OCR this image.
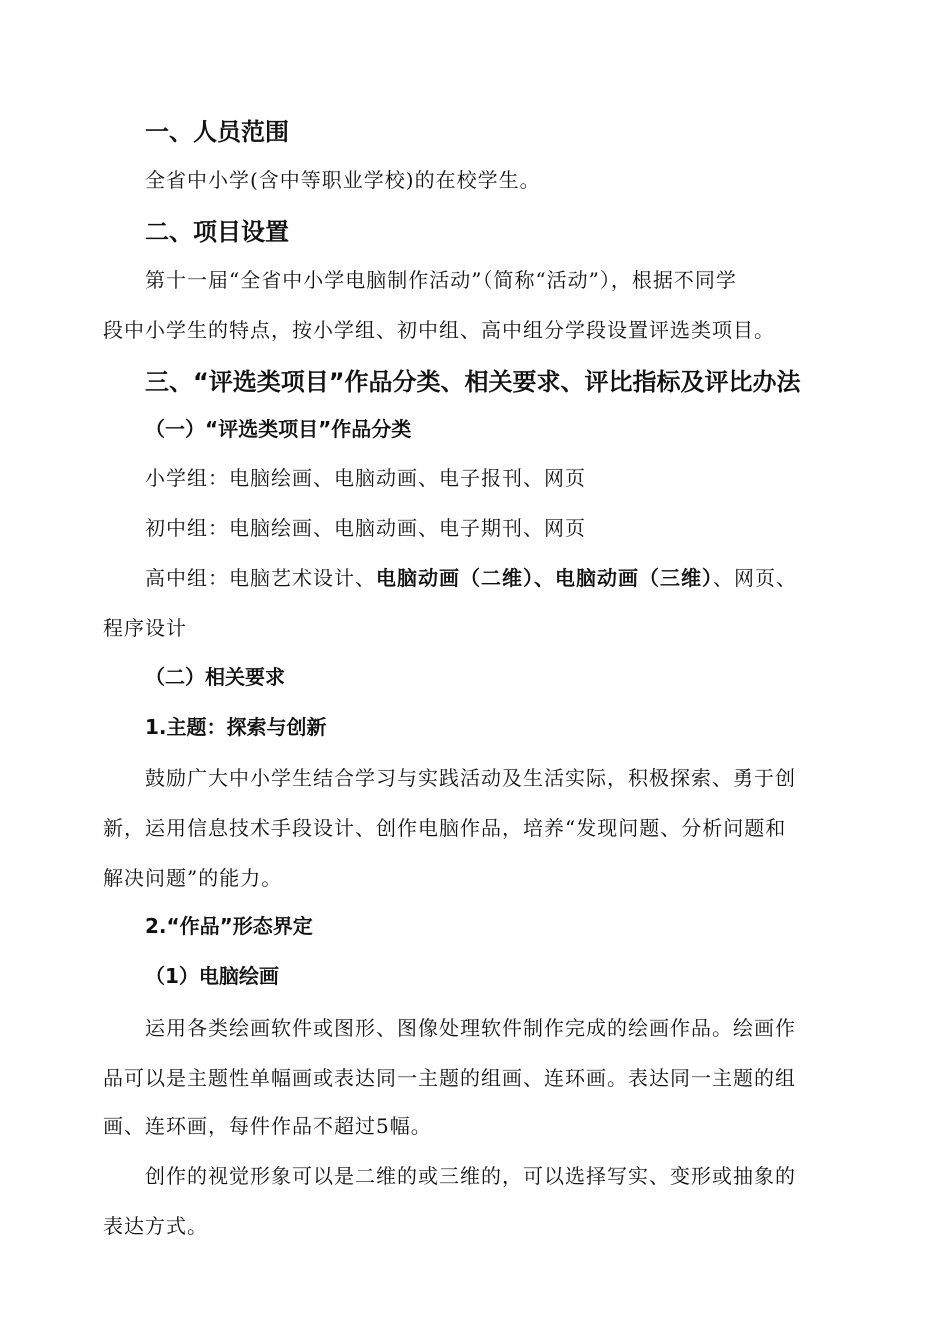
一、人员范围
全省中小学(含中等职业学校)的在校学生。
二、项目设置
第十一届“全省中小学电脑制作活动”（简称“活动”），根据不同学
段中小学生的特点，按小学组、初中组、高中组分学段设置评选类项目。
三、“评选类项目”作品分类、相关要求、评比指标及评比办法
（一）“评选类项目”作品分类
小学组：电脑绘画、电脑动画、电子报刊、网页
初中组：电脑绘画、电脑动画、电子期刊、网页
高中组：电脑艺术设计、电脑动画（二维）、电脑动画（三维）、网页、
程序设计
（二）相关要求
1.主题：探索与创新
鼓励广大中小学生结合学习与实践活动及生活实际，积极探索、勇于创
新，运用信息技术手段设计、创作电脑作品，培养“发现问题、分析问题和
解决问题”的能力。
2.“作品”形态界定
（1）电脑绘画
运用各类绘画软件或图形、图像处理软件制作完成的绘画作品。绘画作
品可以是主题性单幅画或表达同一主题的组画、连环画。表达同一主题的组
画、连环画，每件作品不超过5幅。
创作的视觉形象可以是二维的或三维的，可以选择写实、变形或抽象的
表达方式。
